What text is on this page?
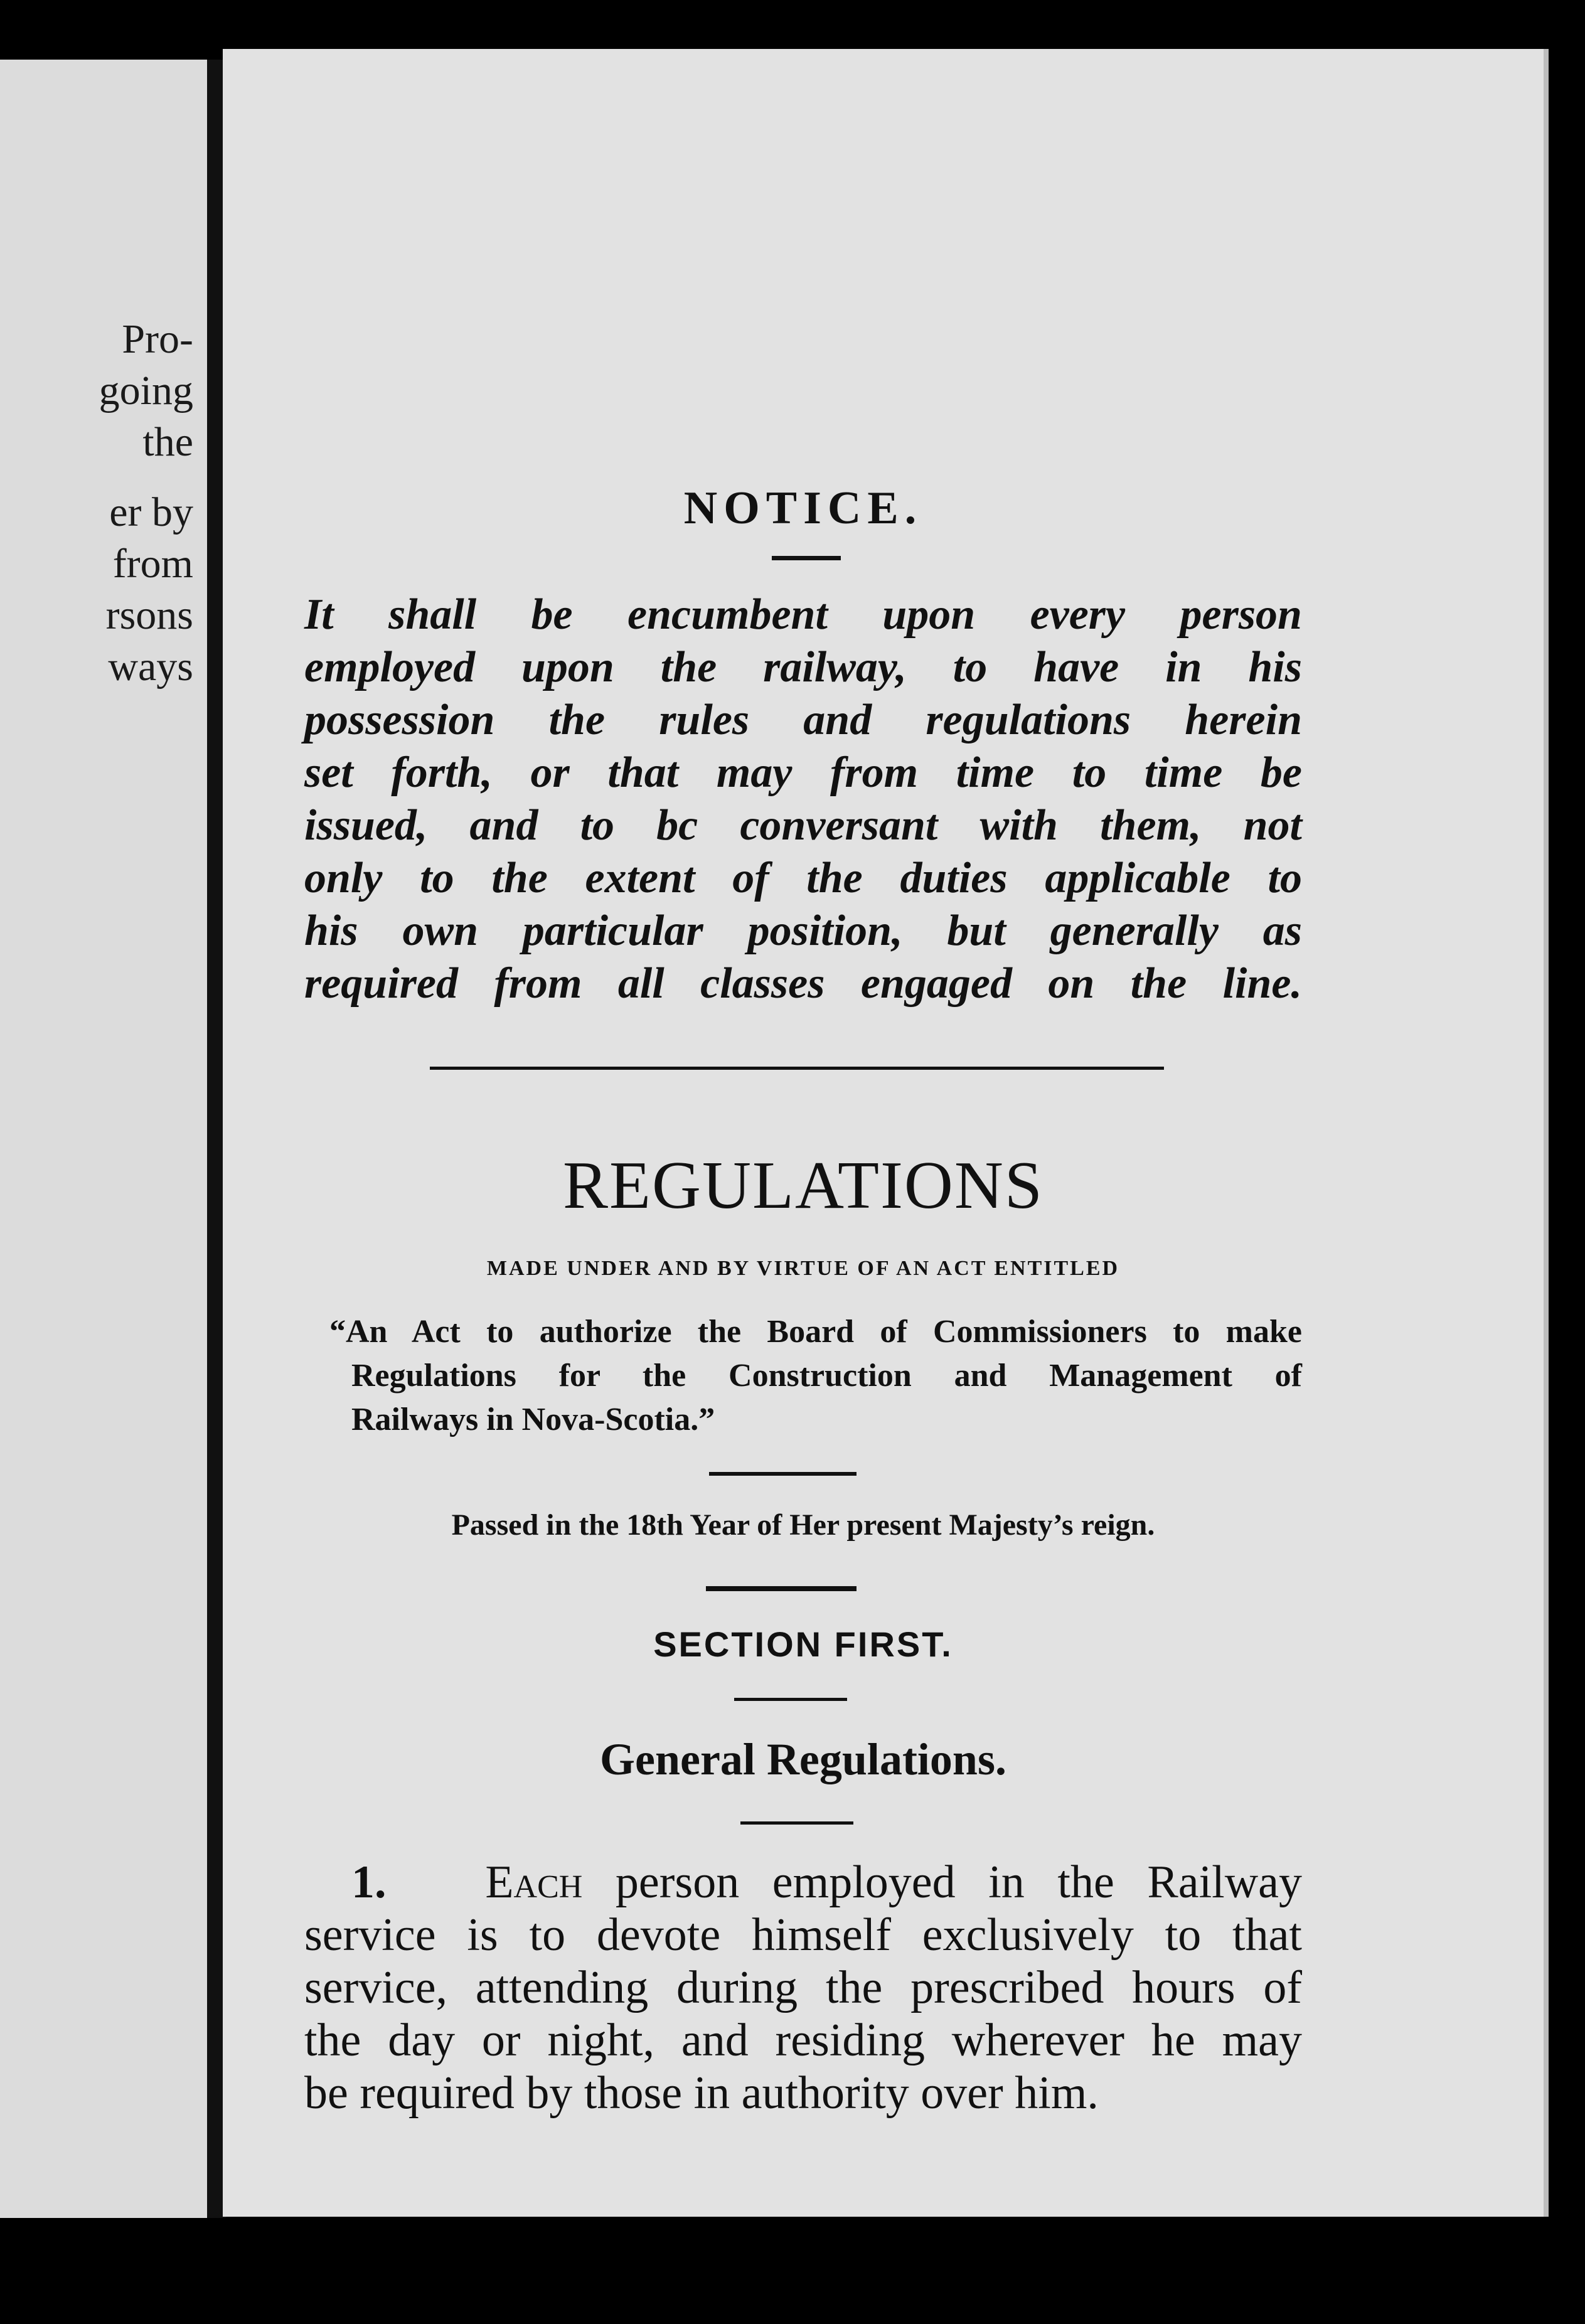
Pro-
going
the
er by
from
rsons
ways
NOTICE.
It shall be encumbent upon every person
employed upon the railway, to have in his
possession the rules and regulations herein
set forth, or that may from time to time be
issued, and to bc conversant with them, not
only to the extent of the duties applicable to
his own particular position, but generally as
required from all classes engaged on the line.
REGULATIONS
MADE UNDER AND BY VIRTUE OF AN ACT ENTITLED
“An Act to authorize the Board of Commissioners to make
Regulations for the Construction and Management of
Railways in Nova-Scotia.”
Passed in the 18th Year of Her present Majesty’s reign.
SECTION FIRST.
General Regulations.
1. Each person employed in the Railway
service is to devote himself exclusively to that
service, attending during the prescribed hours of
the day or night, and residing wherever he may
be required by those in authority over him.
